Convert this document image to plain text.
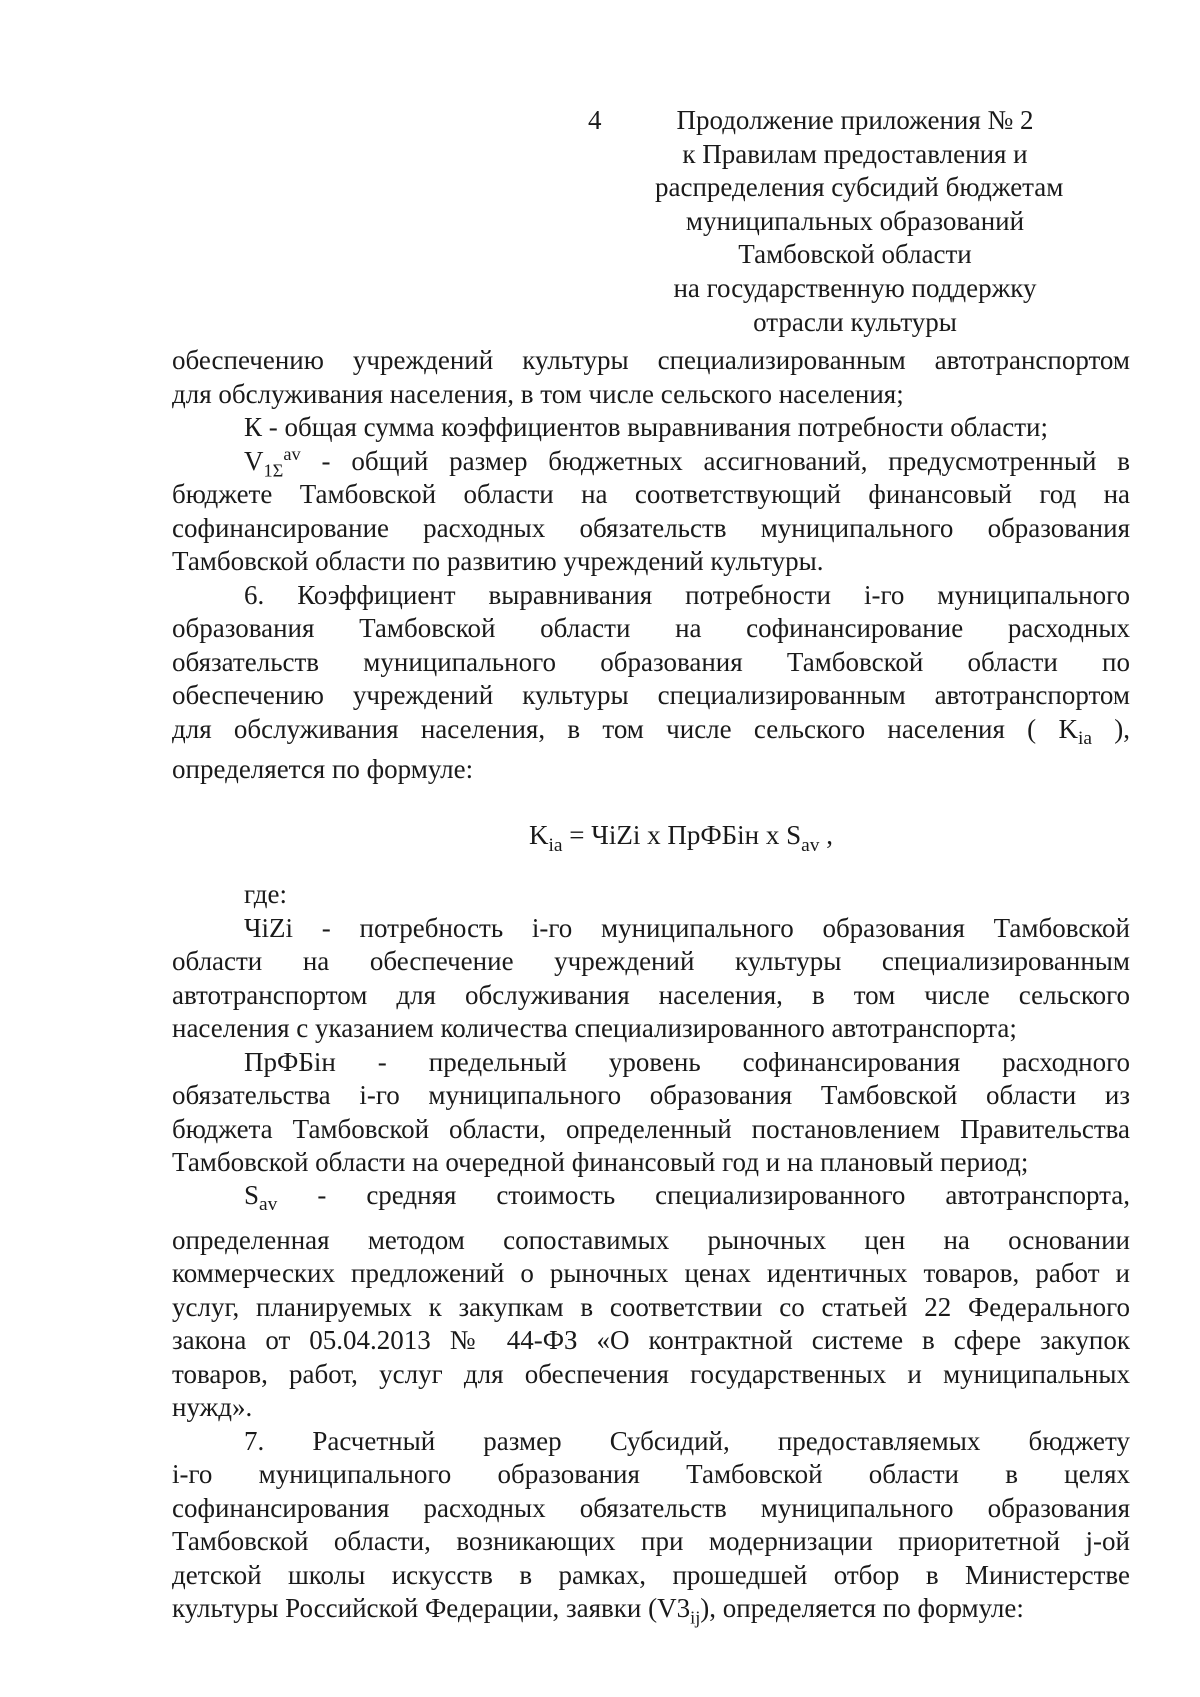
4	Продолжение приложения № 2
к Правилам предоставления и
распределения субсидий бюджетам
муниципальных образований
Тамбовской области
на государственную поддержку
отрасли культуры
обеспечению учреждений культуры специализированным автотранспортом
для обслуживания населения, в том числе сельского населения;
К - общая сумма коэффициентов выравнивания потребности области;
$V_{1\Sigma}^{av}$ - общий размер бюджетных ассигнований, предусмотренный в
бюджете Тамбовской области на соответствующий финансовый год на
софинансирование расходных обязательств муниципального образования
Тамбовской области по развитию учреждений культуры.
6. Коэффициент выравнивания потребности i-го муниципального
образования Тамбовской области на софинансирование расходных
обязательств муниципального образования Тамбовской области по
обеспечению учреждений культуры специализированным автотранспортом
для обслуживания населения, в том числе сельского населения ( $K_{ia}$ ),
определяется по формуле:
$K_{ia}$ = ЧiZi x ПрФБiн x $S_{av}$ ,
где:
ЧiZi - потребность i-го муниципального образования Тамбовской
области на обеспечение учреждений культуры специализированным
автотранспортом для обслуживания населения, в том числе сельского
населения с указанием количества специализированного автотранспорта;
ПрФБiн - предельный уровень софинансирования расходного
обязательства i-го муниципального образования Тамбовской области из
бюджета Тамбовской области, определенный постановлением Правительства
Тамбовской области на очередной финансовый год и на плановый период;
$S_{av}$ - средняя стоимость специализированного автотранспорта,
определенная методом сопоставимых рыночных цен на основании
коммерческих предложений о рыночных ценах идентичных товаров, работ и
услуг, планируемых к закупкам в соответствии со статьей 22 Федерального
закона от 05.04.2013 № 44-ФЗ «О контрактной системе в сфере закупок
товаров, работ, услуг для обеспечения государственных и муниципальных
нужд».
7. Расчетный размер Субсидий, предоставляемых бюджету
i-го муниципального образования Тамбовской области в целях
софинансирования расходных обязательств муниципального образования
Тамбовской области, возникающих при модернизации приоритетной j-ой
детской школы искусств в рамках, прошедшей отбор в Министерстве
культуры Российской Федерации, заявки $(V3_{ij})$, определяется по формуле:
